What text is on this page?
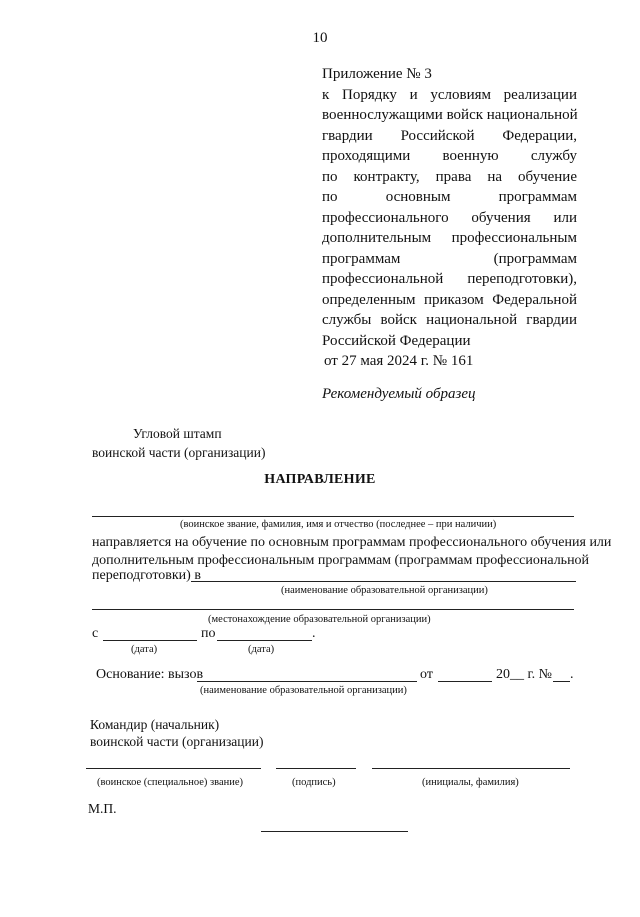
10
Приложение № 3
к Порядку и условиям реализации
военнослужащими войск национальной
гвардии Российской Федерации,
проходящими военную службу
по контракту, права на обучение
по основным программам
профессионального обучения или
дополнительным профессиональным
программам (программам
профессиональной переподготовки),
определенным приказом Федеральной
службы войск национальной гвардии
Российской Федерации
от 27 мая 2024 г. № 161
Рекомендуемый образец
Угловой штамп
воинской части (организации)
НАПРАВЛЕНИЕ
(воинское звание, фамилия, имя и отчество (последнее – при наличии)
направляется на обучение по основным программам профессионального обучения или
дополнительным профессиональным программам (программам профессиональной
переподготовки) в
(наименование образовательной организации)
(местонахождение образовательной организации)
с	по	.
(дата)	(дата)
Основание: вызов	от	20__ г. № .
(наименование образовательной организации)
Командир (начальник)
воинской части (организации)
(воинское (специальное) звание)	(подпись)	(инициалы, фамилия)
М.П.
